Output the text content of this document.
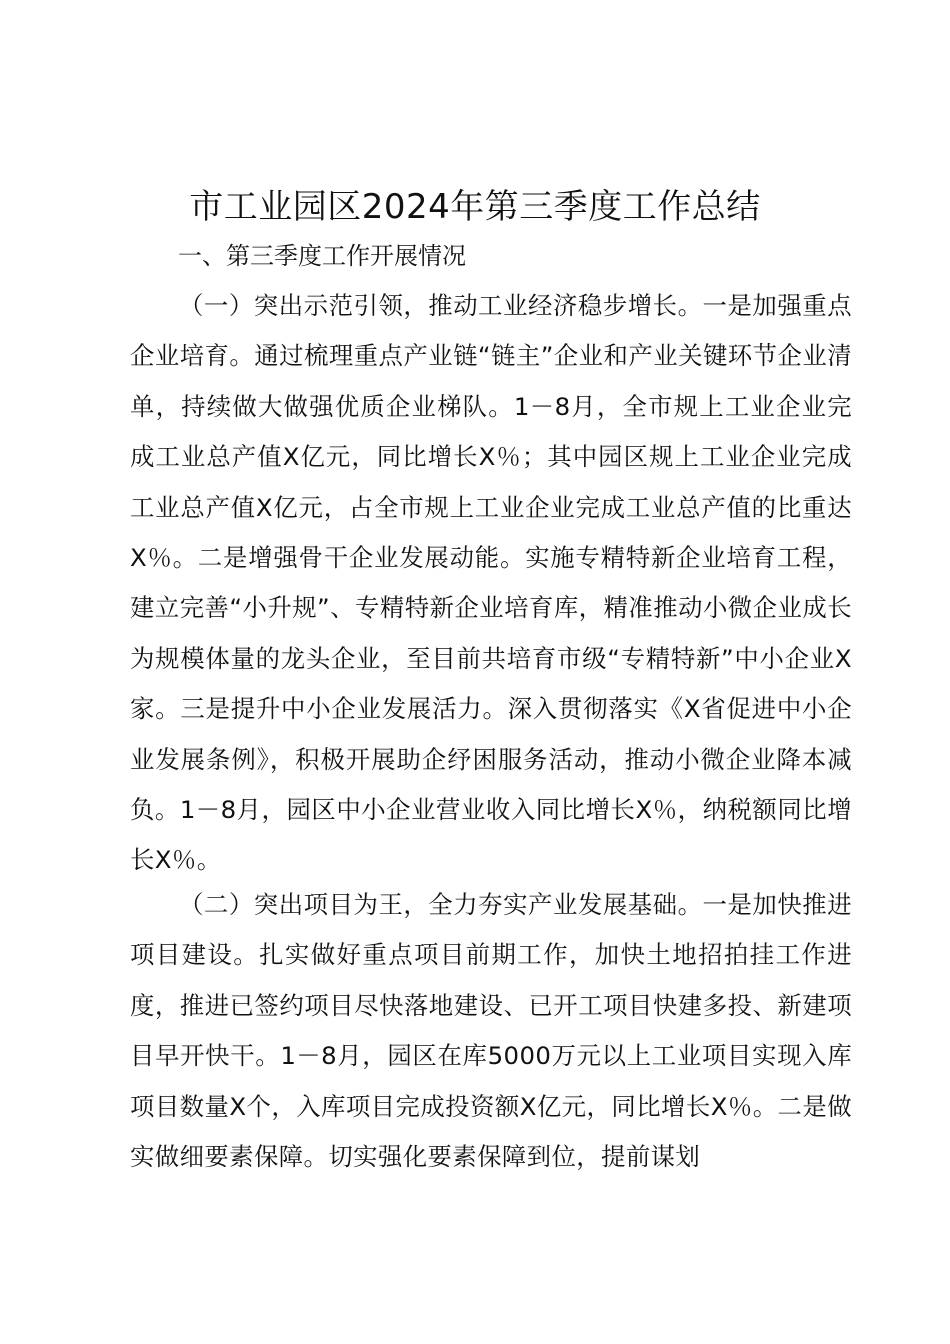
市工业园区2024年第三季度工作总结
一、第三季度工作开展情况
（一）突出示范引领，推动工业经济稳步增长。一是加强重点企业培育。通过梳理重点产业链“链主”企业和产业关键环节企业清单，持续做大做强优质企业梯队。1－8月，全市规上工业企业完成工业总产值X亿元，同比增长X％；其中园区规上工业企业完成工业总产值X亿元，占全市规上工业企业完成工业总产值的比重达X％。二是增强骨干企业发展动能。实施专精特新企业培育工程，建立完善“小升规”、专精特新企业培育库，精准推动小微企业成长为规模体量的龙头企业，至目前共培育市级“专精特新”中小企业X家。三是提升中小企业发展活力。深入贯彻落实《X省促进中小企业发展条例》，积极开展助企纾困服务活动，推动小微企业降本减负。1－8月，园区中小企业营业收入同比增长X％，纳税额同比增长X％。
（二）突出项目为王，全力夯实产业发展基础。一是加快推进项目建设。扎实做好重点项目前期工作，加快土地招拍挂工作进度，推进已签约项目尽快落地建设、已开工项目快建多投、新建项目早开快干。1－8月，园区在库5000万元以上工业项目实现入库项目数量X个，入库项目完成投资额X亿元，同比增长X％。二是做实做细要素保障。切实强化要素保障到位，提前谋划
